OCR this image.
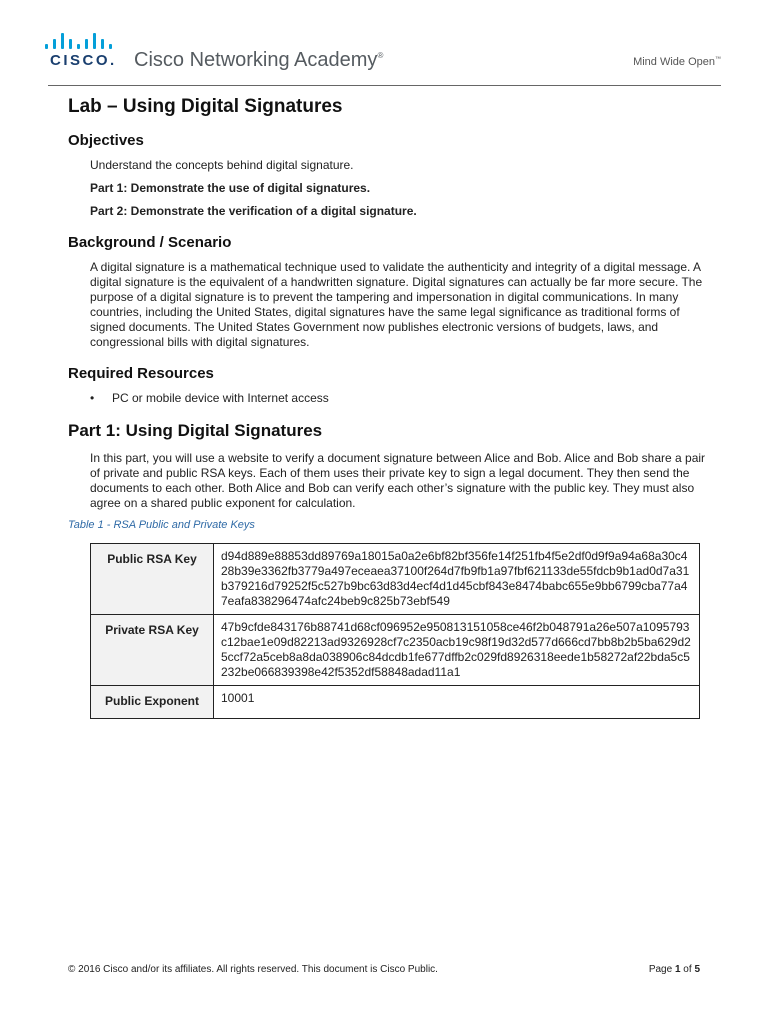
CISCO. Cisco Networking Academy®
Mind Wide Open™
Lab – Using Digital Signatures
Objectives

Understand the concepts behind digital signature.

Part 1: Demonstrate the use of digital signatures.

Part 2: Demonstrate the verification of a digital signature.

Background / Scenario

A digital signature is a mathematical technique used to validate the authenticity and integrity of a digital message. A digital signature is the equivalent of a handwritten signature. Digital signatures can actually be far more secure. The purpose of a digital signature is to prevent the tampering and impersonation in digital communications. In many countries, including the United States, digital signatures have the same legal significance as traditional forms of signed documents. The United States Government now publishes electronic versions of budgets, laws, and congressional bills with digital signatures.

Required Resources
• PC or mobile device with Internet access
Part 1: Using Digital Signatures

In this part, you will use a website to verify a document signature between Alice and Bob. Alice and Bob share a pair of private and public RSA keys. Each of them uses their private key to sign a legal document. They then send the documents to each other. Both Alice and Bob can verify each other’s signature with the public key. They must also agree on a shared public exponent for calculation.

Table 1 - RSA Public and Private Keys
Public RSA Key	d94d889e88853dd89769a18015a0a2e6bf82bf356fe14f251fb4f5e2df0d9f9a94a68a30c428b39e3362fb3779a497eceaea37100f264d7fb9fb1a97fbf621133de55fdcb9b1ad0d7a31b379216d79252f5c527b9bc63d83d4ecf4d1d45cbf843e8474babc655e9bb6799cba77a47eafa838296474afc24beb9c825b73ebf549
Private RSA Key	47b9cfde843176b88741d68cf096952e950813151058ce46f2b048791a26e507a1095793c12bae1e09d82213ad9326928cf7c2350acb19c98f19d32d577d666cd7bb8b2b5ba629d25ccf72a5ceb8a8da038906c84dcdb1fe677dffb2c029fd8926318eede1b58272af22bda5c5232be066839398e42f5352df58848adad11a1
Public Exponent	10001
© 2016 Cisco and/or its affiliates. All rights reserved. This document is Cisco Public.	Page 1 of 5
